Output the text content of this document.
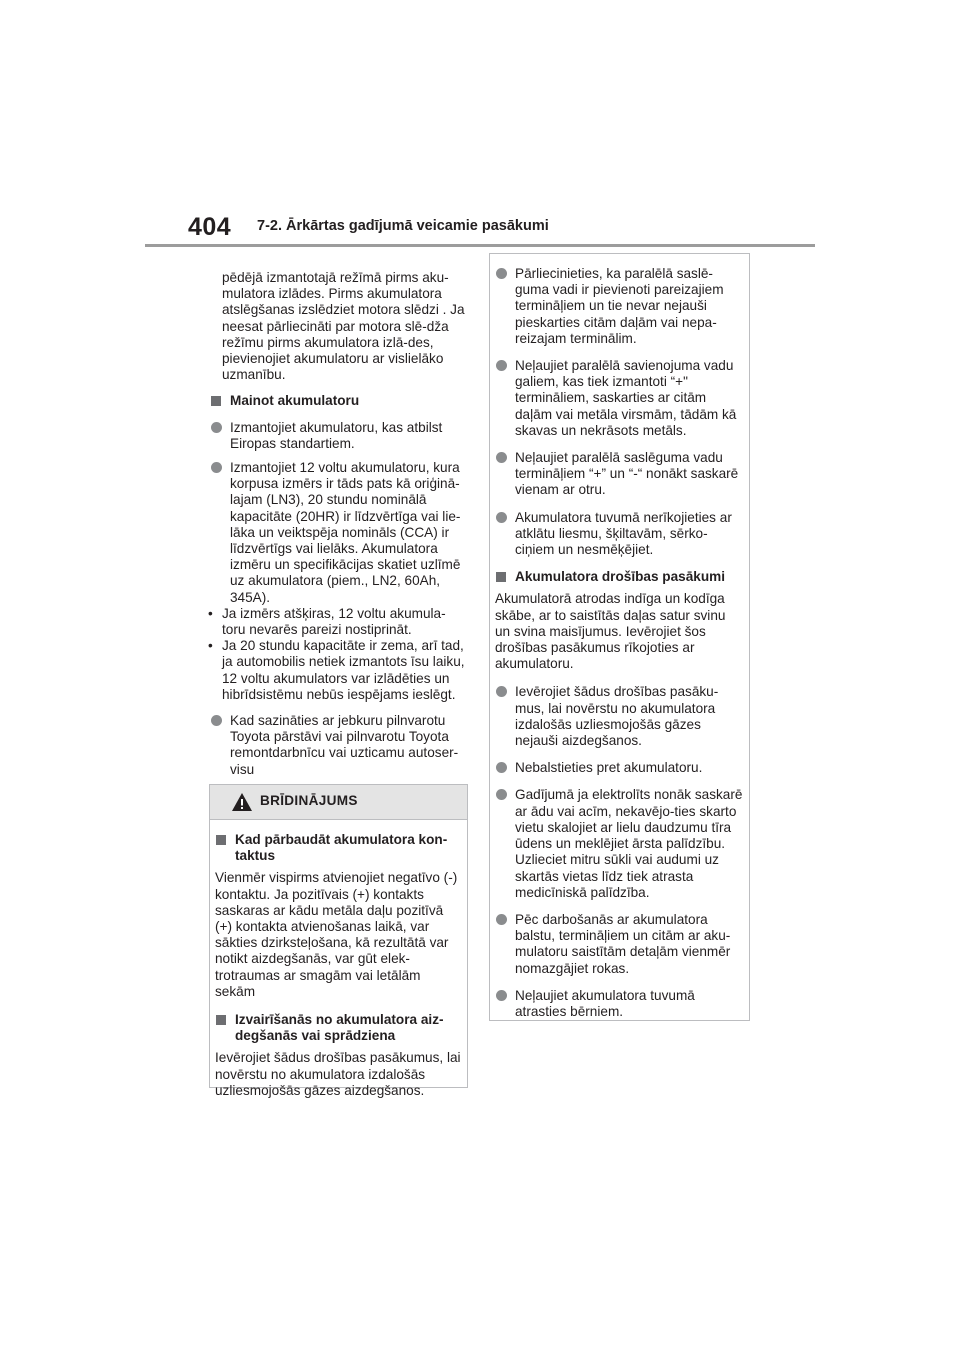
404 7-2. Ārkārtas gadījumā veicamie pasākumi

pēdējā izmantotajā režīmā pirms aku-mulatora izlādes. Pirms akumulatora atslēgšanas izslēdziet motora slēdzi . Ja neesat pārliecināti par motora slē-dža režīmu pirms akumulatora izlā-des, pievienojiet akumulatoru ar vislielāko uzmanību.

Mainot akumulatoru
Izmantojiet akumulatoru, kas atbilst Eiropas standartiem.
Izmantojiet 12 voltu akumulatoru, kura korpusa izmērs ir tāds pats kā oriģinā-lajam (LN3), 20 stundu nominālā kapacitāte (20HR) ir līdzvērtīga vai lie-lāka un veiktspēja nomināls (CCA) ir līdzvērtīgs vai lielāks. Akumulatora izmēru un specifikācijas skatiet uzlīmē uz akumulatora (piem., LN2, 60Ah, 345A).
• Ja izmērs atšķiras, 12 voltu akumula-toru nevarēs pareizi nostiprināt.
• Ja 20 stundu kapacitāte ir zema, arī tad, ja automobilis netiek izmantots īsu laiku, 12 voltu akumulators var izlādēties un hibrīdsistēmu nebūs iespējams ieslēgt.
Kad sazināties ar jebkuru pilnvarotu Toyota pārstāvi vai pilnvarotu Toyota remontdarbnīcu vai uzticamu autoser-visu
BRĪDINĀJUMS
Kad pārbaudāt akumulatora kon-taktus

Vienmēr vispirms atvienojiet negatīvo (-) kontaktu. Ja pozitīvais (+) kontakts saskaras ar kādu metāla daļu pozitīvā (+) kontakta atvienošanas laikā, var sākties dzirksteļošana, kā rezultātā var notikt aizdegšanās, var gūt elek-trotraumas ar smagām vai letālām sekām

Izvairīšanās no akumulatora aiz-degšanās vai sprādziena

Ievērojiet šādus drošības pasākumus, lai novērstu no akumulatora izdalošās uzliesmojošās gāzes aizdegšanos.

Pārliecinieties, ka paralēlā saslē-guma vadi ir pievienoti pareizajiem termināļiem un tie nevar nejauši pieskarties citām daļām vai nepa-reizajam terminālim.
Neļaujiet paralēlā savienojuma vadu galiem, kas tiek izmantoti “+" termināliem, saskarties ar citām daļām vai metāla virsmām, tādām kā skavas un nekrāsots metāls.
Neļaujiet paralēlā saslēguma vadu termināļiem “+” un “-“ nonākt saskarē vienam ar otru.
Akumulatora tuvumā nerīkojieties ar atklātu liesmu, šķiltavām, sērko-ciņiem un nesmēķējiet.
Akumulatora drošības pasākumi

Akumulatorā atrodas indīga un kodīga skābe, ar to saistītās daļas satur svinu un svina maisījumus. Ievērojiet šos drošības pasākumus rīkojoties ar akumulatoru.

Ievērojiet šādus drošības pasāku-mus, lai novērstu no akumulatora izdalošās uzliesmojošās gāzes nejauši aizdegšanos.
Nebalstieties pret akumulatoru.
Gadījumā ja elektrolīts nonāk saskarē ar ādu vai acīm, nekavējo-ties skarto vietu skalojiet ar lielu daudzumu tīra ūdens un meklējiet ārsta palīdzību. Uzlieciet mitru sūkli vai audumi uz skartās vietas līdz tiek atrasta medicīniskā palīdzība.
Pēc darbošanās ar akumulatora balstu, termināļiem un citām ar aku-mulatoru saistītām detaļām vienmēr nomazgājiet rokas.
Neļaujiet akumulatora tuvumā atrasties bērniem.
